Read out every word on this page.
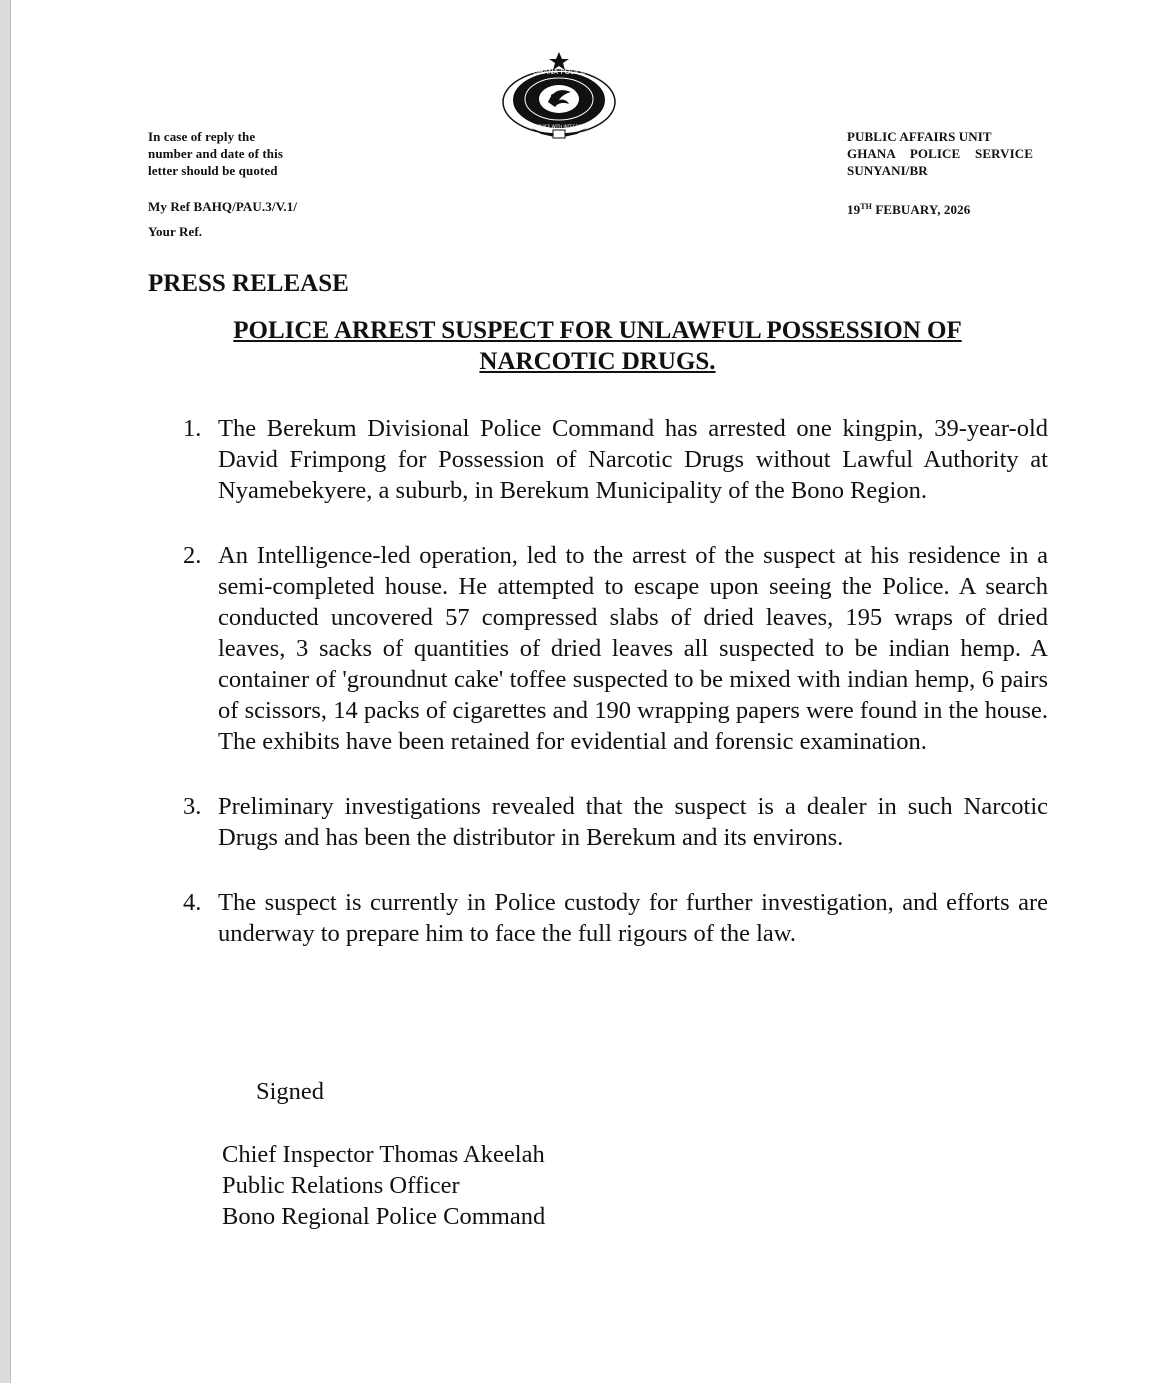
GHANA POLICE
SERVICE WITH INTEGRITY
In case of reply the
number and date of this
letter should be quoted
PUBLIC AFFAIRS UNIT
GHANA  POLICE  SERVICE
SUNYANI/BR
My Ref BAHQ/PAU.3/V.1/	19TH FEBUARY, 2026
Your Ref.
PRESS RELEASE
POLICE ARREST SUSPECT FOR UNLAWFUL POSSESSION OF NARCOTIC DRUGS.
1. The Berekum Divisional Police Command has arrested one kingpin, 39-year-old David Frimpong for Possession of Narcotic Drugs without Lawful Authority at Nyamebekyere, a suburb, in Berekum Municipality of the Bono Region.
2. An Intelligence-led operation, led to the arrest of the suspect at his residence in a semi-completed house. He attempted to escape upon seeing the Police. A search conducted uncovered 57 compressed slabs of dried leaves, 195 wraps of dried leaves, 3 sacks of quantities of dried leaves all suspected to be indian hemp. A container of 'groundnut cake' toffee suspected to be mixed with indian hemp, 6 pairs of scissors, 14 packs of cigarettes and 190 wrapping papers were found in the house. The exhibits have been retained for evidential and forensic examination.
3. Preliminary investigations revealed that the suspect is a dealer in such Narcotic Drugs and has been the distributor in Berekum and its environs.
4. The suspect is currently in Police custody for further investigation, and efforts are underway to prepare him to face the full rigours of the law.
Signed
Chief Inspector Thomas Akeelah
Public Relations Officer
Bono Regional Police Command
